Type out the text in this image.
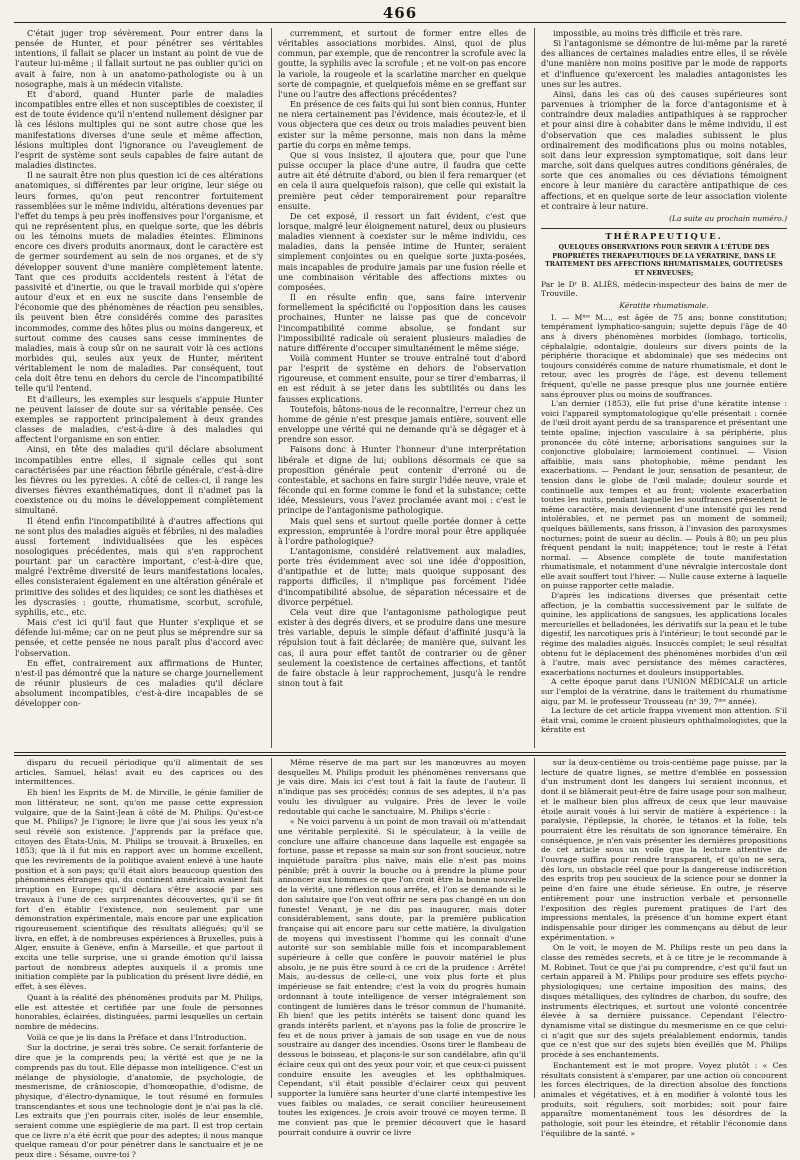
466

C'était juger trop sévèrement. Pour entrer dans la pensée de Hunter, et pour pénétrer ses véritables intentions, il fallait se placer un instant au point de vue de l'auteur lui-même ; il fallait surtout ne pas oublier qu'ici on avait à faire, non à un anatomo-pathologiste ou à un nosographe, mais à un médecin vitaliste.

Et d'abord, quand Hunter parle de maladies incompatibles entre elles et non susceptibles de coexister, il est de toute évidence qu'il n'entend nullement désigner par là ces lésions multiples qui ne sont autre chose que les manifestations diverses d'une seule et même affection, lésions multiples dont l'ignorance ou l'aveuglement de l'esprit de système sont seuls capables de faire autant de maladies distinctes.

Il ne saurait être non plus question ici de ces altérations anatomiques, si différentes par leur origine, leur siége ou leurs formes, qu'on peut rencontrer fortuitement rassemblées sur le même individu, altérations devenues par l'effet du temps à peu près inoffensives pour l'organisme, et qui ne représentent plus, en quelque sorte, que les débris ou les témoins muets de maladies éteintes. Éliminons encore ces divers produits anormaux, dont le caractère est de germer sourdement au sein de nos organes, et de s'y développer souvent d'une manière complètement latente. Tant que ces produits accidentels restent à l'état de passivité et d'inertie, ou que le travail morbide qui s'opère autour d'eux et en eux ne suscite dans l'ensemble de l'économie que des phénomènes de réaction peu sensibles, ils peuvent bien être considérés comme des parasites incommodes, comme des hôtes plus ou moins dangereux, et surtout comme des causes sans cesse imminentes de maladies, mais à coup sûr on ne saurait voir là ces actions morbides qui, seules aux yeux de Hunter, méritent véritablement le nom de maladies. Par conséquent, tout cela doit être tenu en dehors du cercle de l'incompatibilité telle qu'il l'entend.

Et d'ailleurs, les exemples sur lesquels s'appuie Hunter ne peuvent laisser de doute sur sa véritable pensée. Ces exemples se rapportent principalement à deux grandes classes de maladies, c'est-à-dire à des maladies qui affectent l'organisme en son entier.

Ainsi, en tête des maladies qu'il déclare absolument incompatibles entre elles, il signale celles qui sont caractérisées par une réaction fébrile générale, c'est-à-dire les fièvres ou les pyrexies. A côté de celles-ci, il range les diverses fièvres exanthématiques, dont il n'admet pas la coexistence ou du moins le développement complètement simultané.

Il étend enfin l'incompatibilité à d'autres affections qui ne sont plus des maladies aiguës et fébriles, ni des maladies aussi fortement individualisées que les espèces nosologiques précédentes, mais qui s'en rapprochent pourtant par un caractère important, c'est-à-dire que, malgré l'extrême diversité de leurs manifestations locales, elles consisteraient également en une altération générale et primitive des solides et des liquides; ce sont les diathèses et les dyscrasies : goutte, rhumatisme, scorbut, scrofule, syphilis, etc., etc.

Mais c'est ici qu'il faut que Hunter s'explique et se défende lui-même; car on ne peut plus se méprendre sur sa pensée, et cette pensée ne nous paraît plus d'accord avec l'observation.

En effet, contrairement aux affirmations de Hunter, n'est-il pas démontré que la nature se charge journellement de réunir plusieurs de ces maladies qu'il déclare absolument incompatibles, c'est-à-dire incapables de se développer con-

curremment, et surtout de former entre elles de véritables associations morbides. Ainsi, quoi de plus commun, par exemple, que de rencontrer la scrofule avec la goutte, la syphilis avec la scrofule ; et ne voit-on pas encore la variole, la rougeole et la scarlatine marcher en quelque sorte de compagnie, et quelquefois même en se greffant sur l'une ou l'autre des affections précédentes?

En présence de ces faits qui lui sont bien connus, Hunter ne niera certainement pas l'évidence, mais écoutez-le, et il vous objectera que ces deux ou trois maladies peuvent bien exister sur la même personne, mais non dans la même partie du corps en même temps.

Que si vous insistez, il ajoutera que, pour que l'une puisse occuper la place d'une autre, il faudra que cette autre ait été détruite d'abord, ou bien il fera remarquer (et en cela il aura quelquefois raison), que celle qui existait la première peut céder temporairement pour reparaître ensuite.

De cet exposé, il ressort un fait évident, c'est que lorsque, malgré leur éloignement naturel, deux ou plusieurs maladies viennent à coexister sur le même individu, ces maladies, dans la pensée intime de Hunter, seraient simplement conjointes ou en quelque sorte juxta-posées, mais incapables de produire jamais par une fusion réelle et une combinaison véritable des affections mixtes ou composées.

Il en résulte enfin que, sans faire intervenir formellement la spécificité ou l'opposition dans les causes prochaines, Hunter ne laisse pas que de concevoir l'incompatibilité comme absolue, se fondant sur l'impossibilité radicale où seraient plusieurs maladies de nature différente d'occuper simultanément le même siége.

Voilà comment Hunter se trouve entraîné tout d'abord par l'esprit de système en dehors de l'observation rigoureuse, et comment ensuite, pour se tirer d'embarras, il en est réduit à se jeter dans les subtilités ou dans les fausses explications.

Toutefois, bâtons-nous de le reconnaître, l'erreur chez un homme de génie n'est presque jamais entière, souvent elle enveloppe une vérité qui ne demande qu'à se dégager et à prendre son essor.

Faisons donc à Hunter l'honneur d'une interprétation libérale et digne de lui; oublions désormais ce que sa proposition générale peut contenir d'erroné ou de contestable, et sachons en faire surgir l'idée neuve, vraie et féconde qui en forme comme le fond et la substance; cette idée, Messieurs, vous l'avez proclamée avant moi : c'est le principe de l'antagonisme pathologique.

Mais quel sens et surtout quelle portée donner à cette expression, empruntée à l'ordre moral pour être appliquée à l'ordre pathologique?

L'antagonisme, considéré relativement aux maladies, porte très évidemment avec soi une idée d'opposition, d'antipathie et de lutte; mais quoique supposant des rapports difficiles, il n'implique pas forcément l'idée d'incompatibilité absolue, de séparation nécessaire et de divorce perpétuel.

Cela veut dire que l'antagonisme pathologique peut exister à des degrés divers, et se produire dans une mesure très variable, depuis le simple défaut d'affinité jusqu'à la répulsion tout à fait déclarée; de manière que, suivant les cas, il aura pour effet tantôt de contrarier ou de gêner seulement la coexistence de certaines affections, et tantôt de faire obstacle à leur rapprochement, jusqu'à le rendre sinon tout à fait

impossible, au moins très difficile et très rare.

Si l'antagonisme se démontre de lui-même par la rareté des alliances de certaines maladies entre elles, il se révèle d'une manière non moins positive par le mode de rapports et d'influence qu'exercent les maladies antagonistes les unes sur les autres.

Ainsi, dans les cas où des causes supérieures sont parvenues à triompher de la force d'antagonisme et à contraindre deux maladies antipathiques à se rapprocher et pour ainsi dire à cohabiter dans le même individu, il est d'observation que ces maladies subissent le plus ordinairement des modifications plus ou moins notables, soit dans leur expression symptomatique, soit dans leur marche, soit dans quelques autres conditions générales, de sorte que ces anomalies ou ces déviations témoignent encore à leur manière du caractère antipathique de ces affections, et en quelque sorte de leur association violente et contraire à leur nature.

(La suite au prochain numéro.)
THÉRAPEUTIQUE.
QUELQUES OBSERVATIONS POUR SERVIR A L'ÉTUDE DES PROPRIÉTÉS THÉRAPEUTIQUES DE LA VÉRATRINE, DANS LE TRAITEMENT DES AFFECTIONS RHUMATISMALES, GOUTTEUSES ET NERVEUSES;
Par le Dʳ B. ALIÈS, médecin-inspecteur des bains de mer de Trouville.
Kératite rhumatismale.

I. — Mᵐᵉ M..., est âgée de 75 ans; bonne constitution; tempérament lymphatico-sanguin; sujette depuis l'âge de 40 ans à divers phénomènes morbides (lombago, torticolis, céphalalgie, odontalgie, douleurs sur divers points de la périphérie thoracique et abdominale) que ses médecins ont toujours considérés comme de nature rhumatismale, et dont le retour, avec les progrès de l'âge, est devenu tellement fréquent, qu'elle ne passe presque plus une journée entière sans éprouver plus ou moins de souffrances.

L'an dernier (1853), elle fut prise d'une kératite intense : voici l'appareil symptomatologique qu'elle présentait : cornée de l'œil droit ayant perdu de sa transparence et présentant une teinte opaline; injection vasculaire à sa périphérie, plus prononcée du côté interne; arborisations sanguines sur la conjonctive globulaire; larmoiement continuel. — Vision affaiblie, mais sans photophobie, même pendant les exacerbations. — Pendant le jour, sensation de pesanteur, de tension dans le globe de l'œil malade; douleur sourde et continuelle aux tempes et au front; violente exacerbation toutes les nuits, pendant laquelle les souffrances présentent le même caractère, mais deviennent d'une intensité qui les rend intolérables, et ne permet pas un moment de sommeil; quelques bâillements, sans frisson, à l'invasion des paroxysmes nocturnes; point de sueur au déclin. — Pouls à 80; un peu plus fréquent pendant la nuit; inappétence; tout le reste à l'état normal. — Absence complète de toute manifestation rhumatismale, et notamment d'une névralgie intercostale dont elle avait souffert tout l'hiver. — Nulle cause externe à laquelle on puisse rapporter cette maladie.

D'après les indications diverses que présentait cette affection, je la combattis successivement par le sulfate de quinine, les applications de sangsues, les applications locales mercurielles et belladonées, les dérivatifs sur la peau et le tube digestif, les narcotiques pris à l'intérieur; le tout secondé par le régime des maladies aiguës. Insuccès complet; le seul résultat obtenu fut le déplacement des phénomènes morbides d'un œil à l'autre, mais avec persistance des mêmes caractères, exacerbations nocturnes et douleurs insupportables.

A cette époque parut dans l'UNION MÉDICALE un article sur l'emploi de la vératrine, dans le traitement du rhumatisme aigu, par M. le professeur Trousseau (nᵒ 39, 7ᵐᵉ année).

La lecture de cet article frappa vivement mon attention. S'il était vrai, comme le croient plusieurs ophthalmologistes, que la kératite est

disparu du recueil périodique qu'il alimentait de ses articles. Samuel, hélas! avait eu des caprices ou des intermittences.

Eh bien! les Esprits de M. de Mirville, le génie familier de mon littérateur, ne sont, qu'on me passe cette expression vulgaire, que de la Saint-Jean à côté de M. Philips. Qu'est-ce que M. Philips? Je l'ignore; le livre que j'ai sous les yeux n'a seul révélé son existence. J'apprends par la préface que, citoyen des États-Unis, M. Philips se trouvait à Bruxelles, en 1853; que là il fut mis en rapport avec un homme excellent, que les revirements de la politique avaient enlevé à une haute position et à son pays; qu'il était alors beaucoup question des phénomènes étranges qui, du continent américain avaient fait irruption en Europe; qu'il déclara s'être associé par ses travaux à l'une de ces surprenantes découvertes, qu'il se fit fort d'en établir l'existence, non seulement par une démonstration expérimentale, mais encore par une explication rigoureusement scientifique des résultats allégués; qu'il se livra, en effet, à de nombreuses expériences à Bruxelles, puis à Alger, ensuite à Genève, enfin à Marseille, et que partout il excita une telle surprise, une si grande émotion qu'il laissa partout de nombreux adeptes auxquels il a promis une initiation complète par la publication du présent livre dédié, en effet, à ses élèves.

Quant à la réalité des phénomènes produits par M. Philips, elle est attestée et certifiée par une foule de personnes honorables, éclairées, distinguées, parmi lesquelles un certain nombre de médecins.

Voilà ce que je lis dans la Préface et dans l'Introduction.

Sur la doctrine, je serai très sobre. Ce serait forfanterie de dire que je la comprends peu; la vérité est que je ne la comprends pas du tout. Elle dépasse mon intelligence. C'est un mélange de physiologie, d'anatomie, de psychologie, de mesmerisme, de crânioscopie, d'homœopathie, d'odisme, de physique, d'électro-dynamique, le tout résumé en formules transcendantes et sous une technologie dont je n'ai pas la clé. Les extraits que j'en pourrais citer, isolés de leur ensemble, seraient comme une espièglerie de ma part. Il est trop certain que ce livre n'a été écrit que pour des adeptes; il nous manque quelque rameau d'or pour pénétrer dans le sanctuaire et je ne peux dire : Sésame, ouvre-toi ?

Même réserve de ma part sur les manœuvres au moyen desquelles M. Philips produit les phénomènes renversans que je vais dire. Mais ici c'est tout à fait la faute de l'auteur. Il n'indique pas ses procédés; connus de ses adeptes, il n'a pas voulu les divulguer au vulgaire. Près de lever le voile redoutable qui cache le sanctuaire, M. Philips s'écrie :

« Ne voici parvenu à un point de mon travail où m'attendait une véritable perplexité. Si le spéculateur, à la veille de conclure une affaire chanceuse dans laquelle est engagée sa fortune, passe et repasse sa main sur son front soucieux, notre inquiétude paraîtra plus naïve, mais elle n'est pas moins pénible; prêt à ouvrir la bouche ou à prendre la plume pour annoncer aux hommes ce que l'on croit être la bonne nouvelle de la vérité, une réflexion nous arrête, et l'on se demande si le don salutaire que l'on veut offrir ne sera pas changé en un don funeste! Venant, je ne dis pas inaugurer, mais doter considérablement, sans doute, par la première publication française qui ait encore paru sur cette matière, la divulgation de moyens qui investissent l'homme qui les connaît d'une autorité sur son semblable mille fois et incomparablement supérieure à celle que confère le pouvoir matériel le plus absolu, je ne puis être sourd à ce cri de la prudence : Arrête! Mais, au-dessus de celle-ci, une voix plus forte et plus impérieuse se fait entendre; c'est la voix du progrès humain ordonnant à toute intelligence de verser intégralement son contingent de lumières dans le trésor commun de l'humanité. Eh bien! que les petits intérêts se taisent donc quand les grands intérêts parlent, et n'ayons pas la folie de proscrire le feu et de nous priver à jamais de son usage en vue de nous soustraire au danger des incendies. Osons tirer le flambeau de dessous le boisseau, et plaçons-le sur son candélabre, afin qu'il éclaire ceux qui ont des yeux pour voir, et que ceux-ci puissent conduire ensuite les aveugles et les ophthalmiques. Cependant, s'il était possible d'éclairer ceux qui peuvent supporter la lumière sans heurter d'une clarté intempestive les vues faibles ou malades, ce serait concilier heureusement toutes les exigences. Je crois avoir trouvé ce moyen terme. Il me convient pas que le premier découvert que le hasard pourrait conduire à ouvrir ce livre

sur la deux-centième ou trois-centième page puisse, par la lecture de quatre lignes, se mettre d'emblée en possession d'un instrument dont les dangers lui seraient inconnus, et dont il se blâmerait peut-être de faire usage pour son malheur, et le malheur bien plus affreux de ceux que leur mauvaise étoile aurait voués à lui servir de matière à expérience : la paralysie, l'épilepsie, la chorée, le tétanos et la folie, tels pourraient être les résultats de son ignorance téméraire. En conséquence, je n'en vais présenter les dernières propositions de cet article sous un voile que la lecture attentive de l'ouvrage suffira pour rendre transparent, et qu'on ne sera, dès lors, un obstacle réel que pour la dangereuse indiscrétion des esprits trop peu soucieux de la science pour se donner la peine d'en faire une étude sérieuse. En outre, je réserve entièrement pour une instruction verbale et personnelle l'exposition des règles purement pratiques de l'art des impressions mentales, la présence d'un homme expert étant indispensable pour diriger les commençans au début de leur expérimentation. »

On le voit, le moyen de M. Philips reste un peu dans la classe des remèdes secrets, et à ce titre je le recommande à M. Robinet. Tout ce que j'ai pu comprendre, c'est qu'il faut un certain appareil à M. Philips pour produire ses effets psycho-physiologiques; une certaine imposition des mains, des disques métalliques, des cylindres de charbon, du soufre, des instruments électriques, et surtout une volonté concentrée élevée à sa dernière puissance. Cependant l'électro-dynamisme vital se distingue du mesmerisme en ce que celui-ci n'agit que sur des sujets préalablement endormis, tandis que ce n'est que sur des sujets bien éveillés que M. Philips procède à ses enchantements.

Enchantement est le mot propre. Voyez plutôt : « Ces résultats consistent à s'emparer, par une action où concourent les forces électriques, de la direction absolue des fonctions animales et végétatives, et à en modifier à volonté tous les produits, soit réguliers, soit morbides; soit pour faire apparaître momentanément tous les désordres de la pathologie, soit pour les éteindre, et rétablir l'économie dans l'équilibre de la santé. »
